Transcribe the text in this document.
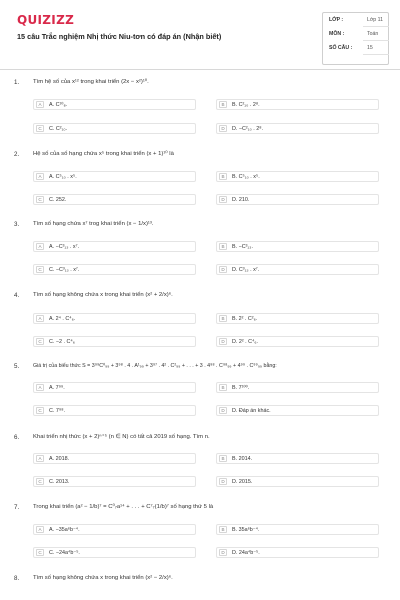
QUIZIZZ
15 câu Trắc nghiệm Nhị thức Niu-tơn có đáp án (Nhận biết)
LỚP :	Lớp 11
MÔN :	Toán
SỐ CÂU :	15
1. Tìm hệ số của x¹² trong khai triển (2x − x²)¹⁰.
A	A. C¹⁰₈.	B	B. C²₁₀ . 2⁸.
C	C. C²₁₀.	D	D. −C²₁₀ . 2⁸.
2. Hệ số của số hạng chứa x⁵ trong khai triển (x + 1)¹⁰ là
A	A. C⁵₁₀ . x⁵.	B	B. C⁵₁₀ . x⁵.
C	C. 252.	D	D. 210.
3. Tìm số hạng chứa x⁷ trog khai triển (x − 1/x)¹³.
A	A. −C³₁₃ . x⁷.	B	B. −C³₁₃.
C	C. −C³₁₃ . x⁷.	D	D. C³₁₃ . x⁷.
4. Tìm số hạng không chứa x trong khai triển (x² + 2/x)⁶.
A	A. 2⁴ . C⁴₆.	B	B. 2² . C²₆.
C	C. −2 . C⁴₆	D	D. 2² . C⁴₆.
5.	Giá trị của biểu thức S = 3⁹⁹C⁰₉₉ + 3⁹⁸ . 4 . A¹₉₉ + 3⁹⁷ . 4² . C²₉₉ + . . . + 3 . 4⁹⁸ . C⁹⁸₉₉ + 4⁹⁹ . C⁹⁹₉₉ bằng:
A	A. 7⁹⁹.	B	B. 7¹⁰⁰.
C	C. 7⁹⁸.	D	D. Đáp án khác.
6. Khai triển nhị thức (x + 2)ⁿ⁺⁵ (n ∈ N) có tất cả 2019 số hạng. Tìm n.
A	A. 2018.	B	B. 2014.
C	C. 2013.	D	D. 2015.
7. Trong khai triển (a² − 1/b)⁷ = C⁰₇a¹⁴ + . . . + C⁷₇(1/b)⁷ số hạng thứ 5 là
A	A. −35a⁶b⁻⁴.	B	B. 35a⁶b⁻⁴.
C	C. −24a⁴b⁻⁵.	D	D. 24a⁴b⁻⁵.
8. Tìm số hạng không chứa x trong khai triển (x² − 2/x)⁶.
